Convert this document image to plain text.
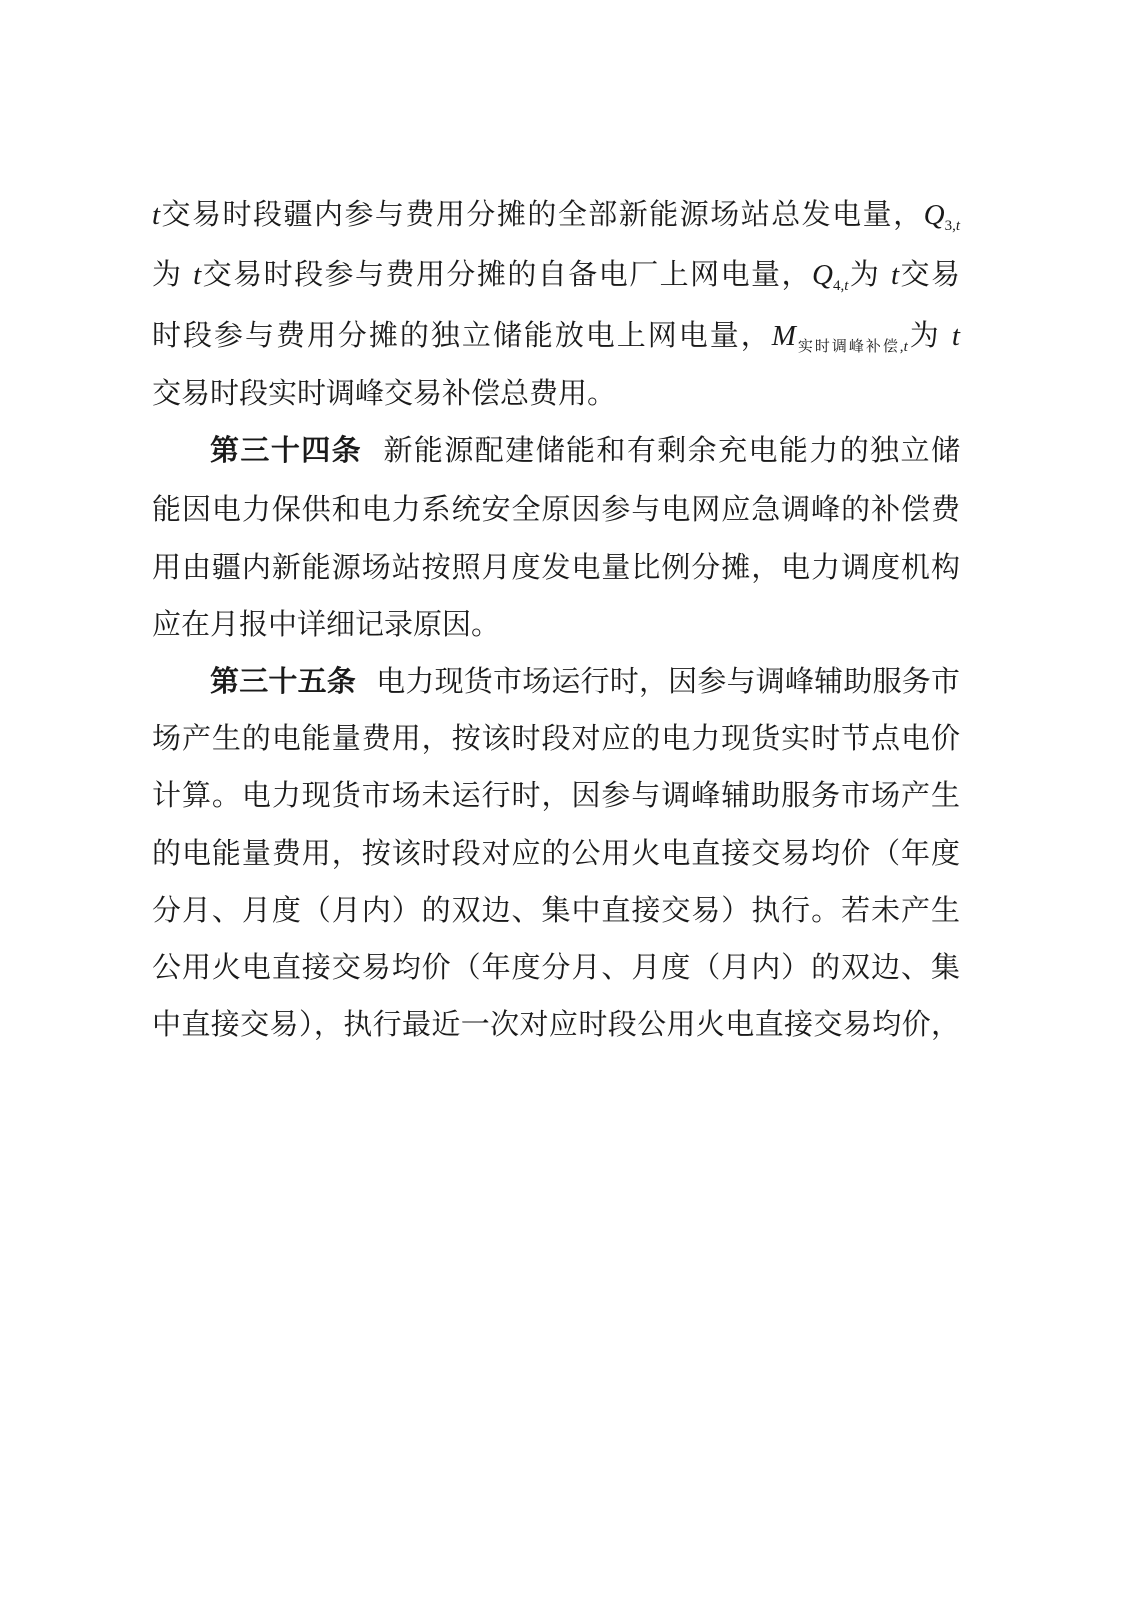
t交易时段疆内参与费用分摊的全部新能源场站总发电量，$Q_{3,t}$
为 t交易时段参与费用分摊的自备电厂上网电量，$Q_{4,t}$为 t交易
时段参与费用分摊的独立储能放电上网电量，$M_{实时调峰补偿,t}$为 t
交易时段实时调峰交易补偿总费用。
第三十四条 新能源配建储能和有剩余充电能力的独立储
能因电力保供和电力系统安全原因参与电网应急调峰的补偿费
用由疆内新能源场站按照月度发电量比例分摊，电力调度机构
应在月报中详细记录原因。
第三十五条 电力现货市场运行时，因参与调峰辅助服务市
场产生的电能量费用，按该时段对应的电力现货实时节点电价
计算。电力现货市场未运行时，因参与调峰辅助服务市场产生
的电能量费用，按该时段对应的公用火电直接交易均价（年度
分月、月度（月内）的双边、集中直接交易）执行。若未产生
公用火电直接交易均价（年度分月、月度（月内）的双边、集
中直接交易），执行最近一次对应时段公用火电直接交易均价，
